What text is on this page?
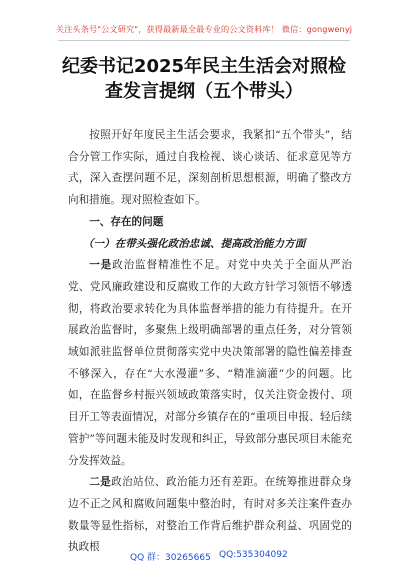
关注头条号"公文研究"，获得最新最全最专业的公文资料库！ 微信：gongwenyj
纪委书记2025年民主生活会对照检查发言提纲（五个带头）

按照开好年度民主生活会要求，我紧扣“五个带头”，结合分管工作实际，通过自我检视、谈心谈话、征求意见等方式，深入查摆问题不足，深刻剖析思想根源，明确了整改方向和措施。现对照检查如下。

一、存在的问题

（一）在带头强化政治忠诚、提高政治能力方面

一是政治监督精准性不足。对党中央关于全面从严治党、党风廉政建设和反腐败工作的大政方针学习领悟不够透彻，将政治要求转化为具体监督举措的能力有待提升。在开展政治监督时，多聚焦上级明确部署的重点任务，对分管领域如派驻监督单位贯彻落实党中央决策部署的隐性偏差排查不够深入，存在“大水漫灌”多、“精准滴灌”少的问题。比如，在监督乡村振兴领域政策落实时，仅关注资金拨付、项目开工等表面情况，对部分乡镇存在的“重项目申报、轻后续管护”等问题未能及时发现和纠正，导致部分惠民项目未能充分发挥效益。

二是政治站位、政治能力还有差距。在统筹推进群众身边不正之风和腐败问题集中整治时，有时对多关注案件查办数量等显性指标，对整治工作背后维护群众利益、巩固党的执政根

QQ 群：30265665 QQ:535304092
